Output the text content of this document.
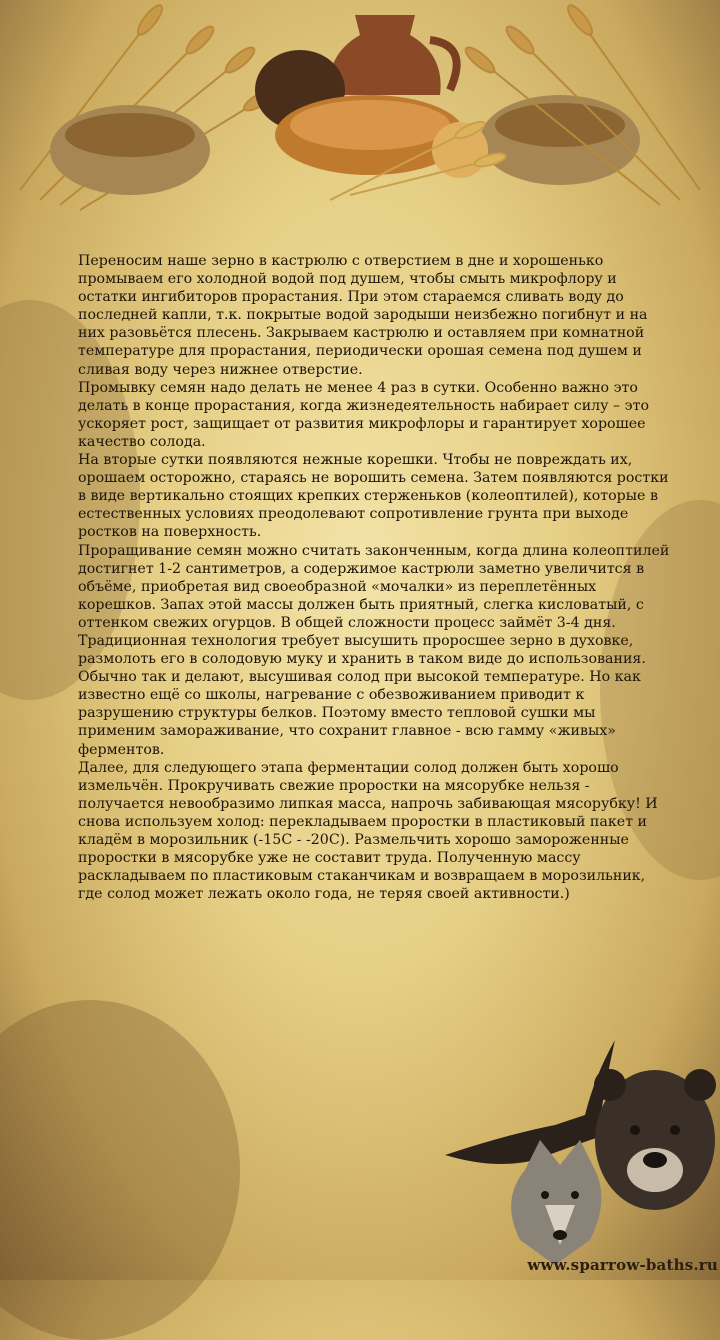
Переносим наше зерно в кастрюлю с отверстием в дне и хорошенько промываем его холодной водой под душем, чтобы смыть микрофлору и остатки ингибиторов прорастания. При этом стараемся сливать воду до последней капли, т.к. покрытые водой зародыши неизбежно погибнут и на них разовьётся плесень. Закрываем кастрюлю и оставляем при комнатной температуре для прорастания, периодически орошая семена под душем и сливая воду через нижнее отверстие.

Промывку семян надо делать не менее 4 раз в сутки. Особенно важно это делать в конце прорастания, когда жизнедеятельность набирает силу – это ускоряет рост, защищает от развития микрофлоры и гарантирует хорошее качество солода.

На вторые сутки появляются нежные корешки. Чтобы не повреждать их, орошаем осторожно, стараясь не ворошить семена. Затем появляются ростки в виде вертикально стоящих крепких стерженьков (колеоптилей), которые в естественных условиях преодолевают сопротивление грунта при выходе ростков на поверхность.

Проращивание семян можно считать законченным, когда длина колеоптилей достигнет 1-2 сантиметров, а содержимое кастрюли заметно увеличится в объёме, приобретая вид своеобразной «мочалки» из переплетённых корешков. Запах этой массы должен быть приятный, слегка кисловатый, с оттенком свежих огурцов. В общей сложности процесс займёт 3-4 дня.

Традиционная технология требует высушить проросшее зерно в духовке, размолоть его в солодовую муку и хранить в таком виде до использования. Обычно так и делают, высушивая солод при высокой температуре. Но как известно ещё со школы, нагревание с обезвоживанием приводит к разрушению структуры белков. Поэтому вместо тепловой сушки мы применим замораживание, что сохранит главное - всю гамму «живых» ферментов.

Далее, для следующего этапа ферментации солод должен быть хорошо измельчён. Прокручивать свежие проростки на мясорубке нельзя - получается невообразимо липкая масса, напрочь забивающая мясорубку! И снова используем холод: перекладываем проростки в пластиковый пакет и кладём в морозильник (-15С - -20С). Размельчить хорошо замороженные проростки в мясорубке уже не составит труда. Полученную массу раскладываем по пластиковым стаканчикам и возвращаем в морозильник, где солод может лежать около года, не теряя своей активности.)

www.sparrow-baths.ru
